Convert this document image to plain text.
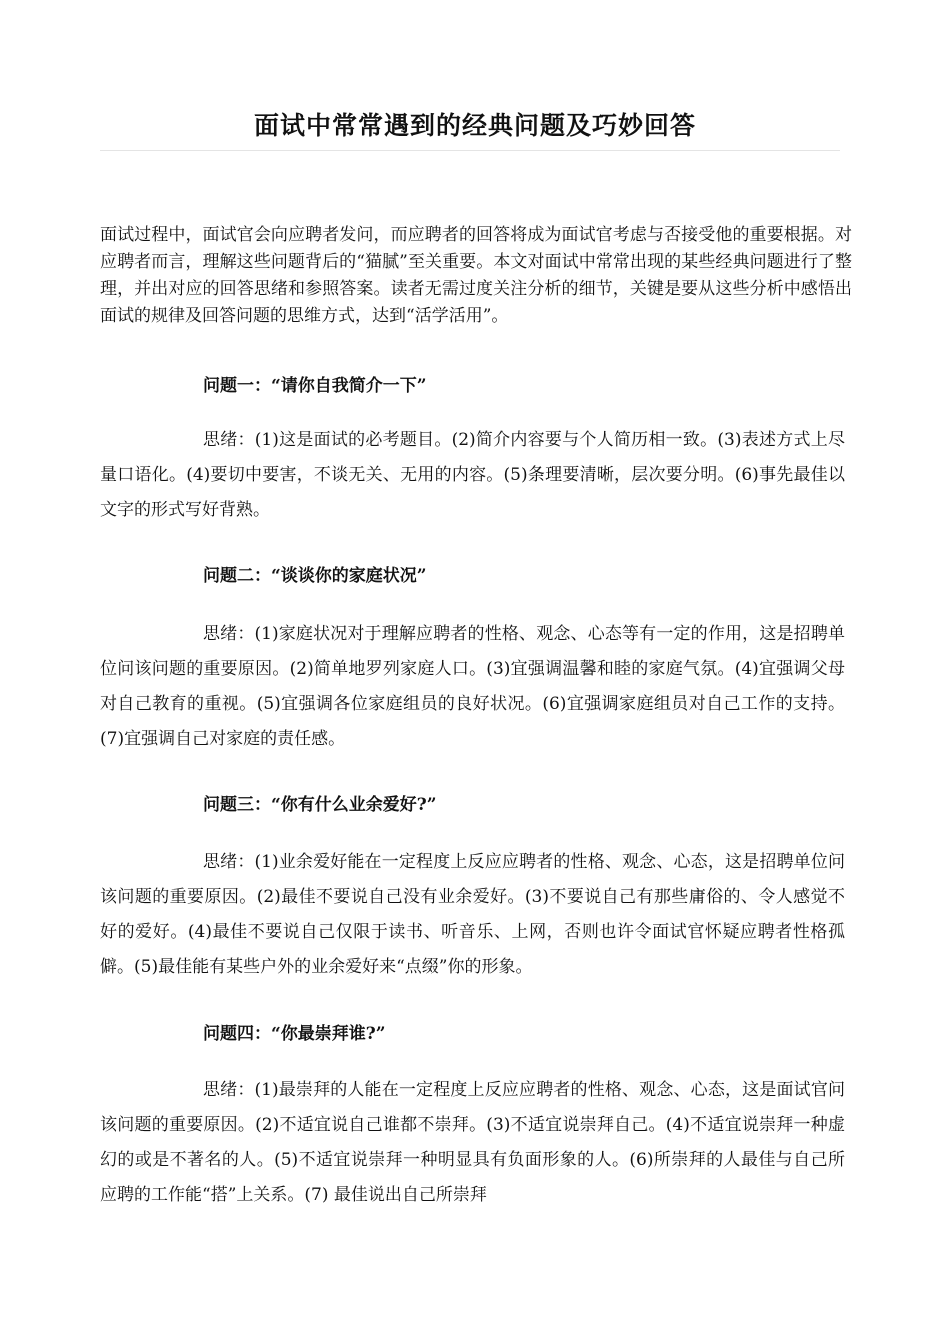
面试中常常遇到的经典问题及巧妙回答

面试过程中，面试官会向应聘者发问，而应聘者的回答将成为面试官考虑与否接受他的重要根据。对应聘者而言，理解这些问题背后的“猫腻”至关重要。本文对面试中常常出现的某些经典问题进行了整理，并出对应的回答思绪和参照答案。读者无需过度关注分析的细节，关键是要从这些分析中感悟出面试的规律及回答问题的思维方式，达到“活学活用”。

问题一：“请你自我简介一下”

思绪：(1)这是面试的必考题目。(2)简介内容要与个人简历相一致。(3)表述方式上尽量口语化。(4)要切中要害，不谈无关、无用的内容。(5)条理要清晰，层次要分明。(6)事先最佳以文字的形式写好背熟。

问题二：“谈谈你的家庭状况”

思绪：(1)家庭状况对于理解应聘者的性格、观念、心态等有一定的作用，这是招聘单位问该问题的重要原因。(2)简单地罗列家庭人口。(3)宜强调温馨和睦的家庭气氛。(4)宜强调父母对自己教育的重视。(5)宜强调各位家庭组员的良好状况。(6)宜强调家庭组员对自己工作的支持。(7)宜强调自己对家庭的责任感。

问题三：“你有什么业余爱好?”

思绪：(1)业余爱好能在一定程度上反应应聘者的性格、观念、心态，这是招聘单位问该问题的重要原因。(2)最佳不要说自己没有业余爱好。(3)不要说自己有那些庸俗的、令人感觉不好的爱好。(4)最佳不要说自己仅限于读书、听音乐、上网，否则也许令面试官怀疑应聘者性格孤僻。(5)最佳能有某些户外的业余爱好来“点缀”你的形象。

问题四：“你最崇拜谁?”

思绪：(1)最崇拜的人能在一定程度上反应应聘者的性格、观念、心态，这是面试官问该问题的重要原因。(2)不适宜说自己谁都不崇拜。(3)不适宜说崇拜自己。(4)不适宜说崇拜一种虚幻的或是不著名的人。(5)不适宜说崇拜一种明显具有负面形象的人。(6)所崇拜的人最佳与自己所应聘的工作能“搭”上关系。(7) 最佳说出自己所崇拜
